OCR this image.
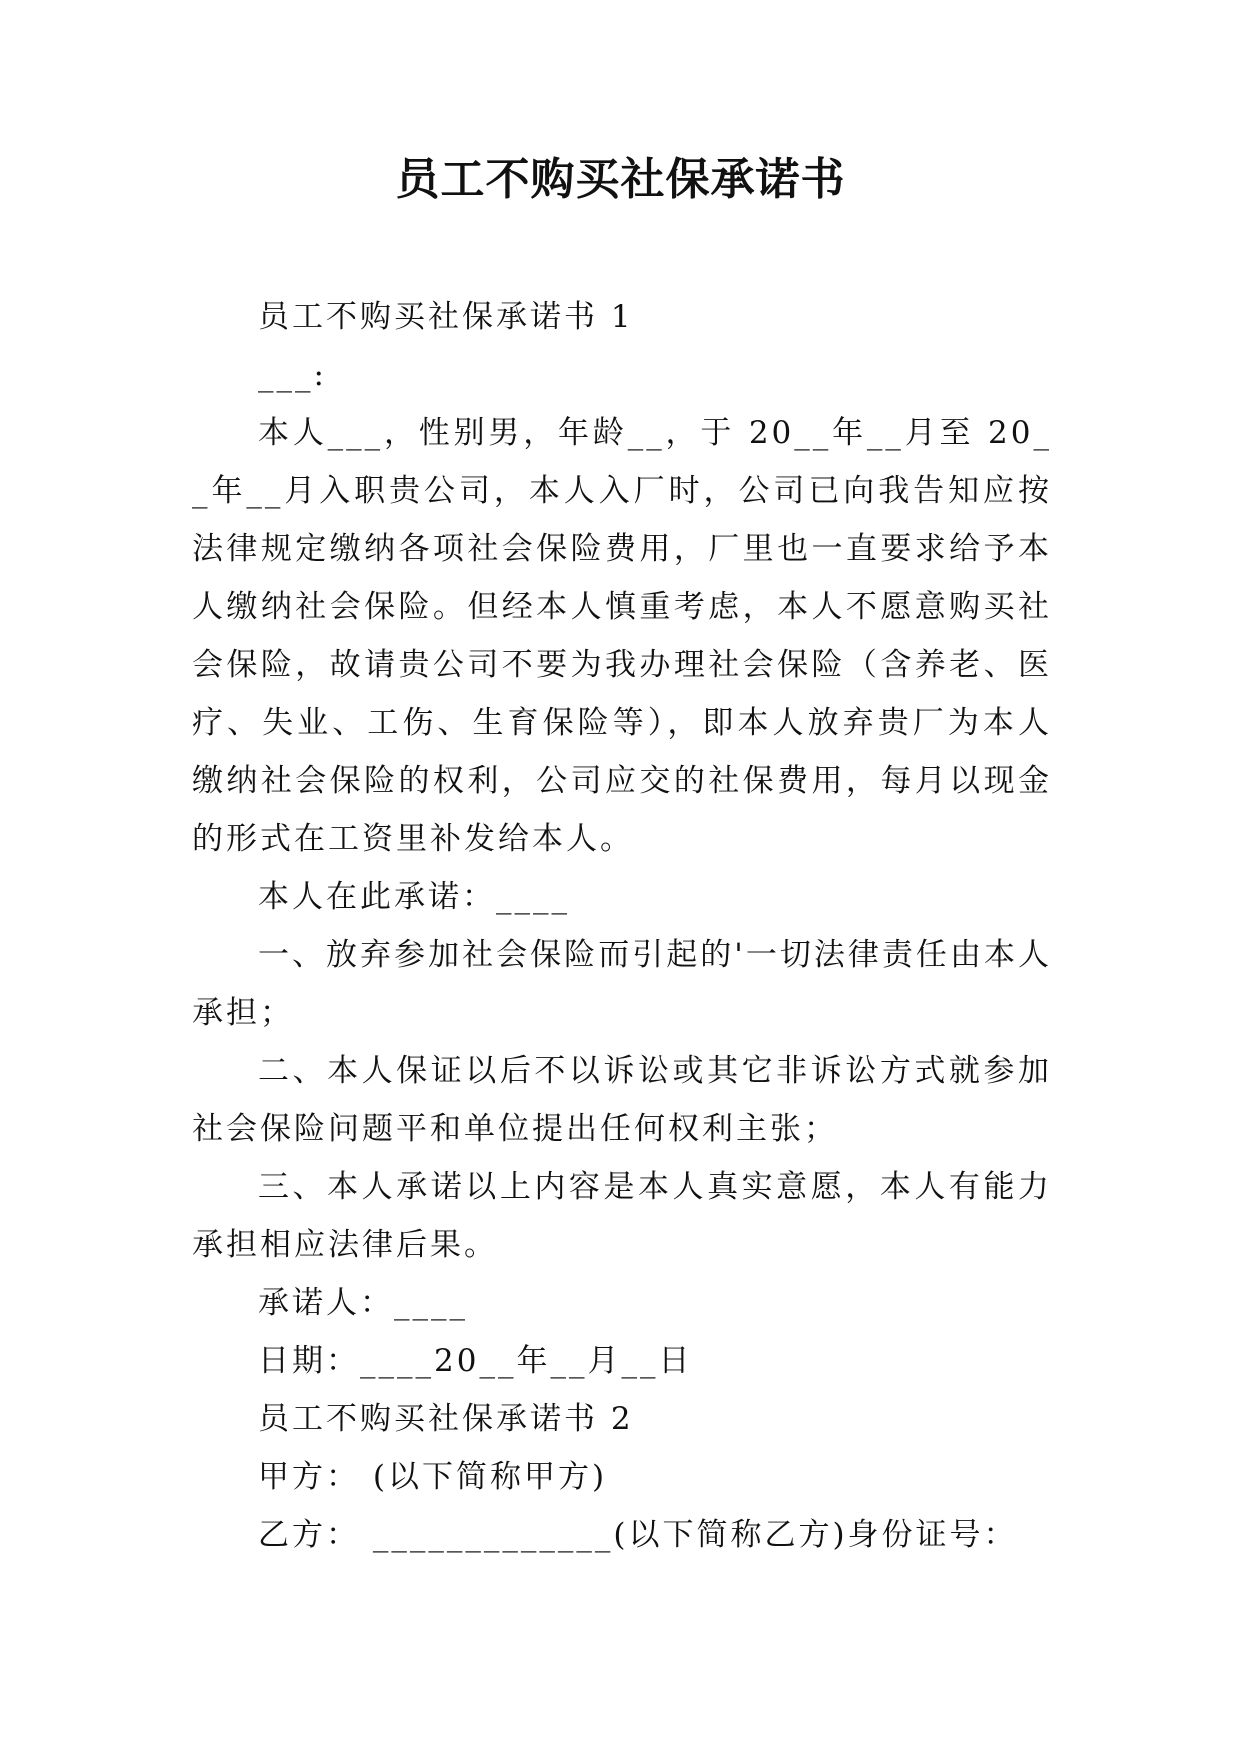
员工不购买社保承诺书

员工不购买社保承诺书 1

___:

本人___，性别男，年龄__，于 20__年__月至 20__年__月入职贵公司，本人入厂时，公司已向我告知应按法律规定缴纳各项社会保险费用，厂里也一直要求给予本人缴纳社会保险。但经本人慎重考虑，本人不愿意购买社会保险，故请贵公司不要为我办理社会保险（含养老、医疗、失业、工伤、生育保险等），即本人放弃贵厂为本人缴纳社会保险的权利，公司应交的社保费用，每月以现金的形式在工资里补发给本人。

本人在此承诺：____

一、放弃参加社会保险而引起的'一切法律责任由本人承担；

二、本人保证以后不以诉讼或其它非诉讼方式就参加社会保险问题平和单位提出任何权利主张；

三、本人承诺以上内容是本人真实意愿，本人有能力承担相应法律后果。

承诺人：____

日期：____20__年__月__日

员工不购买社保承诺书 2

甲方： (以下简称甲方)

乙方： _____________(以下简称乙方)身份证号：
